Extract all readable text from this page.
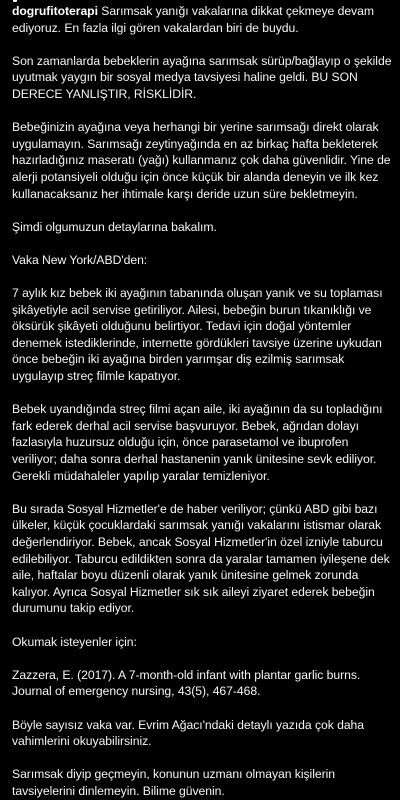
dogrufitoterapi Sarımsak yanığı vakalarına dikkat çekmeye devam ediyoruz. En fazla ilgi gören vakalardan biri de buydu.

Son zamanlarda bebeklerin ayağına sarımsak sürüp/bağlayıp o şekilde uyutmak yaygın bir sosyal medya tavsiyesi haline geldi. BU SON DERECE YANLIŞTIR, RİSKLİDİR.

Bebeğinizin ayağına veya herhangi bir yerine sarımsağı direkt olarak uygulamayın. Sarımsağı zeytinyağında en az birkaç hafta bekleterek hazırladığınız maseratı (yağı) kullanmanız çok daha güvenlidir. Yine de alerji potansiyeli olduğu için önce küçük bir alanda deneyin ve ilk kez kullanacaksanız her ihtimale karşı deride uzun süre bekletmeyin.

Şimdi olgumuzun detaylarına bakalım.

Vaka New York/ABD'den:

7 aylık kız bebek iki ayağının tabanında oluşan yanık ve su toplaması şikâyetiyle acil servise getiriliyor. Ailesi, bebeğin burun tıkanıklığı ve öksürük şikâyeti olduğunu belirtiyor. Tedavi için doğal yöntemler denemek istediklerinde, internette gördükleri tavsiye üzerine uykudan önce bebeğin iki ayağına birden yarımşar diş ezilmiş sarımsak uygulayıp streç filmle kapatıyor.

Bebek uyandığında streç filmi açan aile, iki ayağının da su topladığını fark ederek derhal acil servise başvuruyor. Bebek, ağrıdan dolayı fazlasıyla huzursuz olduğu için, önce parasetamol ve ibuprofen veriliyor; daha sonra derhal hastanenin yanık ünitesine sevk ediliyor. Gerekli müdahaleler yapılıp yaralar temizleniyor.

Bu sırada Sosyal Hizmetler'e de haber veriliyor; çünkü ABD gibi bazı ülkeler, küçük çocuklardaki sarımsak yanığı vakalarını istismar olarak değerlendiriyor. Bebek, ancak Sosyal Hizmetler'in özel izniyle taburcu edilebiliyor. Taburcu edildikten sonra da yaralar tamamen iyileşene dek aile, haftalar boyu düzenli olarak yanık ünitesine gelmek zorunda kalıyor. Ayrıca Sosyal Hizmetler sık sık aileyi ziyaret ederek bebeğin durumunu takip ediyor.

Okumak isteyenler için:

Zazzera, E. (2017). A 7-month-old infant with plantar garlic burns. Journal of emergency nursing, 43(5), 467-468.

Böyle sayısız vaka var. Evrim Ağacı'ndaki detaylı yazıda çok daha vahimlerini okuyabilirsiniz.

Sarımsak diyip geçmeyin, konunun uzmanı olmayan kişilerin tavsiyelerini dinlemeyin. Bilime güvenin.
